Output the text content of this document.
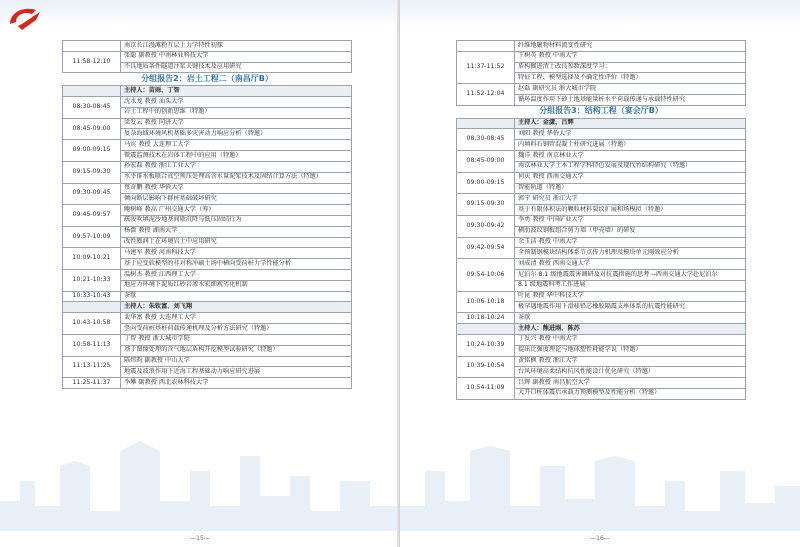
	南京长江漫滩粉互层土力学特性初探
11:58-12:10	张聪 副教授 中南林业科技大学
	不良地质条件隧道注浆关键技术及应用研究
分组报告2：岩土工程二（南昌厅B）	
	主持人：苗雨、丁智
08:30-08:45	沈水龙 教授 汕头大学
	岩土工程中的创新思维（特邀）
08:45-09:00	梁发云 教授 同济大学
	复杂海域环境风机基础多灾害动力响应分析（特邀）
09:00-09:15	马宾 教授 大连理工大学
	微震监测技术在岩体工程中的应用（特邀）
09:15-09:30	孙宏磊 教授 浙江工业大学
	水平排水板联合真空预压处理高含水量泥浆技术及固结计算方法（特邀）
09:30-09:45	蔡奇鹏 教授 华侨大学
	倾向断层影响下群桩基础破坏研究
09:45-09:57	鲍树峰 教高 广州交通大学（筹）
	疏浚吹填泥沙地基间歇沉降与低压固结行为
09:57-10:09	杨微 教授 湖南大学
	改性膨润土在环境岩土中应用研究
10:09-10:21	马建军 教授 河南科技大学
	基于应变软模型的非对称冲刷土场中横向受荷桩力学性能分析
10:21-10:33	温树杰 教授 江西理工大学
	地应力环境下泥质红砂岩渗水宏细观劣化机制
10:33-10:43	茶歇
	主持人：朱钦富、刘飞翔
10:43-10:58	裴华富 教授 大连理工大学
	竖向受荷桩基桩荷载传递机理及分析方法研究（特邀）
10:58-11:13	丁智 教授 浙大城市学院
	基于图像处理的含气地层盾构开挖模型试验研究（特邀）
11:13-11:25	陈炜昀 副教授 中山大学
	地震及波浪作用下近海工程基础动力响应研究进展
11:25-11:37	李攀 副教授 西北农林科技大学
—15—
	纤维地聚物材料流变性研究
11:37-11:52	王树英 教授 中南大学
	盾构掘进渣土改良参数深度学习：
	特征工程、模型选择及不确定性评价（特邀）
11:52-12:04	赵磊 副研究员 浙大城市学院
	循环温度作用下砂土地基能量桩水平荷载传递与承载特性研究
分组报告3：结构工程（宴会厅B）	
	主持人：金潇、吕辉
08:30-08:45	刘阳 教授 华侨大学
	内填料石钢管混凝土柱研究进展（特邀）
08:45-09:00	魏洋 教授 南京林业大学
	南京林业大学土木工程学科特色发展及现代竹结构研究（特邀）
09:00-09:15	何庆 教授 西南交通大学
	智能轨道（特邀）
09:15-09:30	郭宁 研究员 浙江大学
	基于有限体积法的颗粒材料裂纹扩展和场模拟（特邀）
09:30-09:42	李勇 教授 中国矿业大学
	横肋波纹钢板组合剪力墙（甲壳墙）的研发
09:42-09:54	余玉洁 教授 中南大学
	全预制钢模块结构体系节点传力机理及模块单元刚效应分析
09:54-10:06	刘成清 教授 西南交通大学
	尼泊尔 8.1 级地震震害调研及对抗震措施的思考 --西南交通大学赴尼泊尔
	8.1 级地震科考工作进展
10:06-10:18	叶昆 教授 华中科技大学
	极罕遇地震作用下滑移铅芯橡胶隔震支座体系的抗震性能研究
10:18-10:24	茶歇
	主持人：熊进刚、陈苏
10:24-10:39	丁发兴 教授 中南大学
	提出比强度理论与地球塑性耗能学说（特邀）
10:39-10:54	黄铭枫 教授 浙江大学
	台风环境高柔结构抗风性能设计优化研究（特邀）
10:54-11:09	吕辉 副教授 南昌航空大学
	大开口桩体震后承载力预测模型及性能分析（特邀）
—16—
